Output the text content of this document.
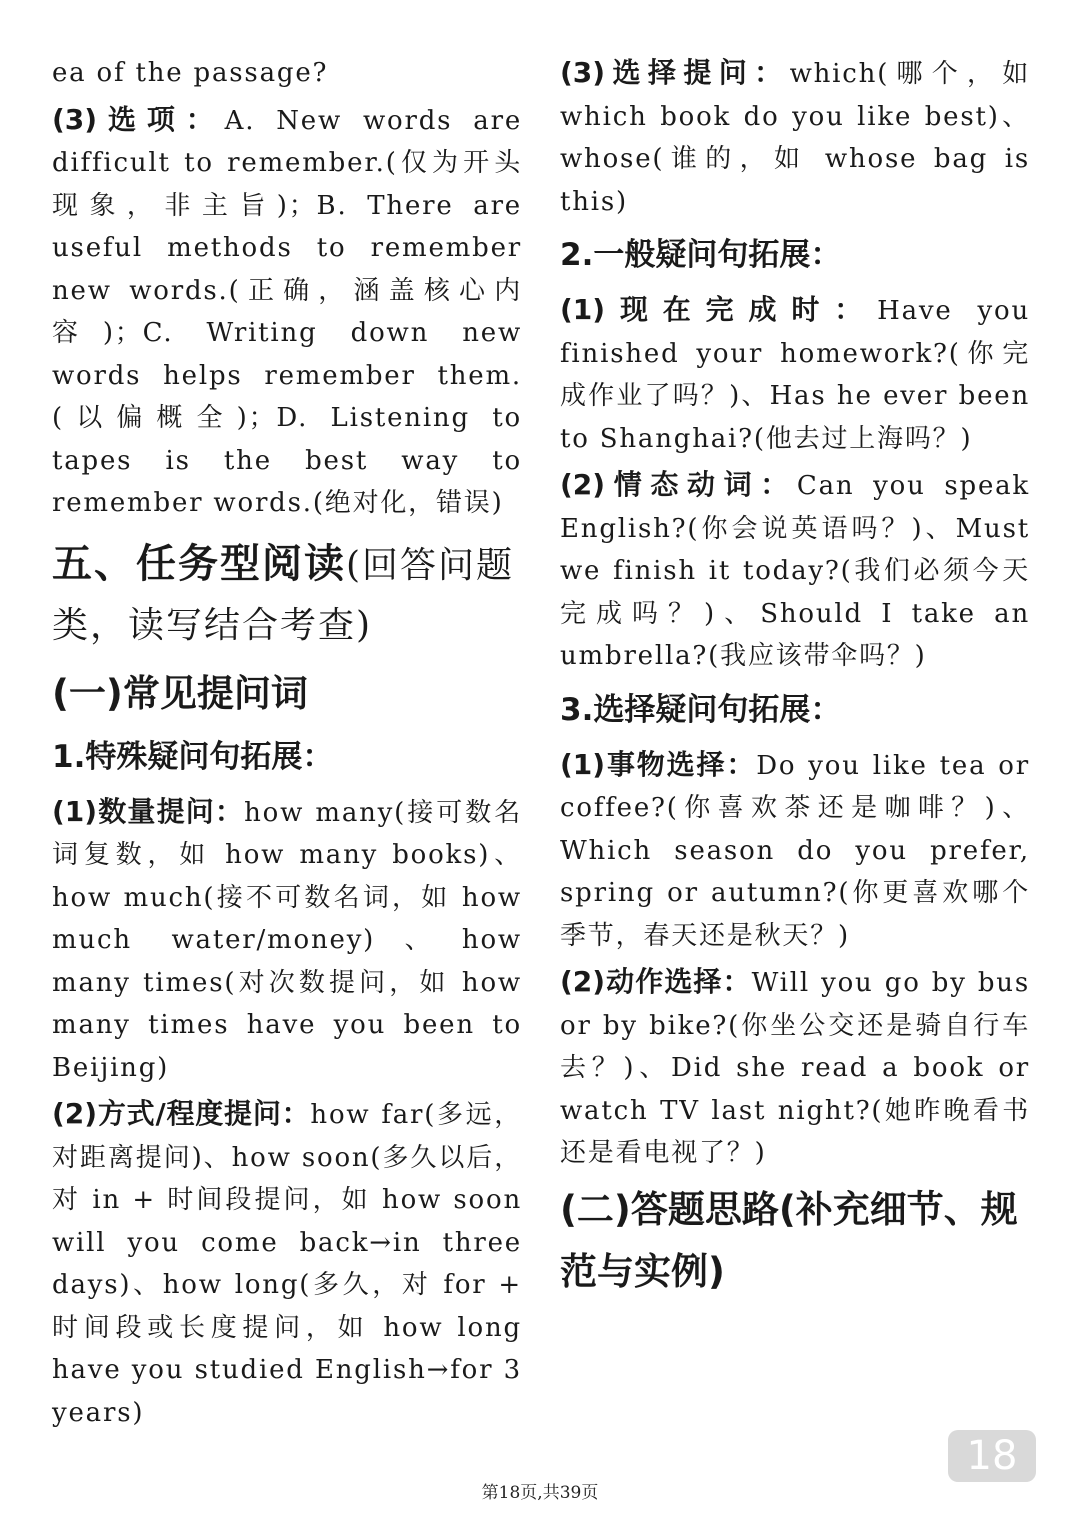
ea of the passage?

(3)选项：A. New words are difficult to remember.(仅为开头现象，非主旨)；B. There are useful methods to remember new words.(正确，涵盖核心内容)；C. Writing down new words helps remember them.(以偏概全)；D. Listening to tapes is the best way to remember words.(绝对化，错误)

五、任务型阅读(回答问题类，读写结合考查)
(一)常见提问词
1.特殊疑问句拓展：

(1)数量提问：how many(接可数名词复数，如 how many books)、how much(接不可数名词，如 how much water/money)、how many times(对次数提问，如 how many times have you been to Beijing)

(2)方式/程度提问：how far(多远，对距离提问)、how soon(多久以后，对 in + 时间段提问，如 how soon will you come back→in three days)、how long(多久，对 for + 时间段或长度提问，如 how long have you studied English→for 3 years)

(3)选择提问：which(哪个，如 which book do you like best)、whose(谁的，如 whose bag is this)

2.一般疑问句拓展：

(1)现在完成时：Have you finished your homework?(你完成作业了吗？)、Has he ever been to Shanghai?(他去过上海吗？)

(2)情态动词：Can you speak English?(你会说英语吗？)、Must we finish it today?(我们必须今天完成吗？)、Should I take an umbrella?(我应该带伞吗？)

3.选择疑问句拓展：

(1)事物选择：Do you like tea or coffee?(你喜欢茶还是咖啡？)、Which season do you prefer, spring or autumn?(你更喜欢哪个季节，春天还是秋天？)

(2)动作选择：Will you go by bus or by bike?(你坐公交还是骑自行车去？)、Did she read a book or watch TV last night?(她昨晚看书还是看电视了？)

(二)答题思路(补充细节、规范与实例)
18
第18页,共39页
